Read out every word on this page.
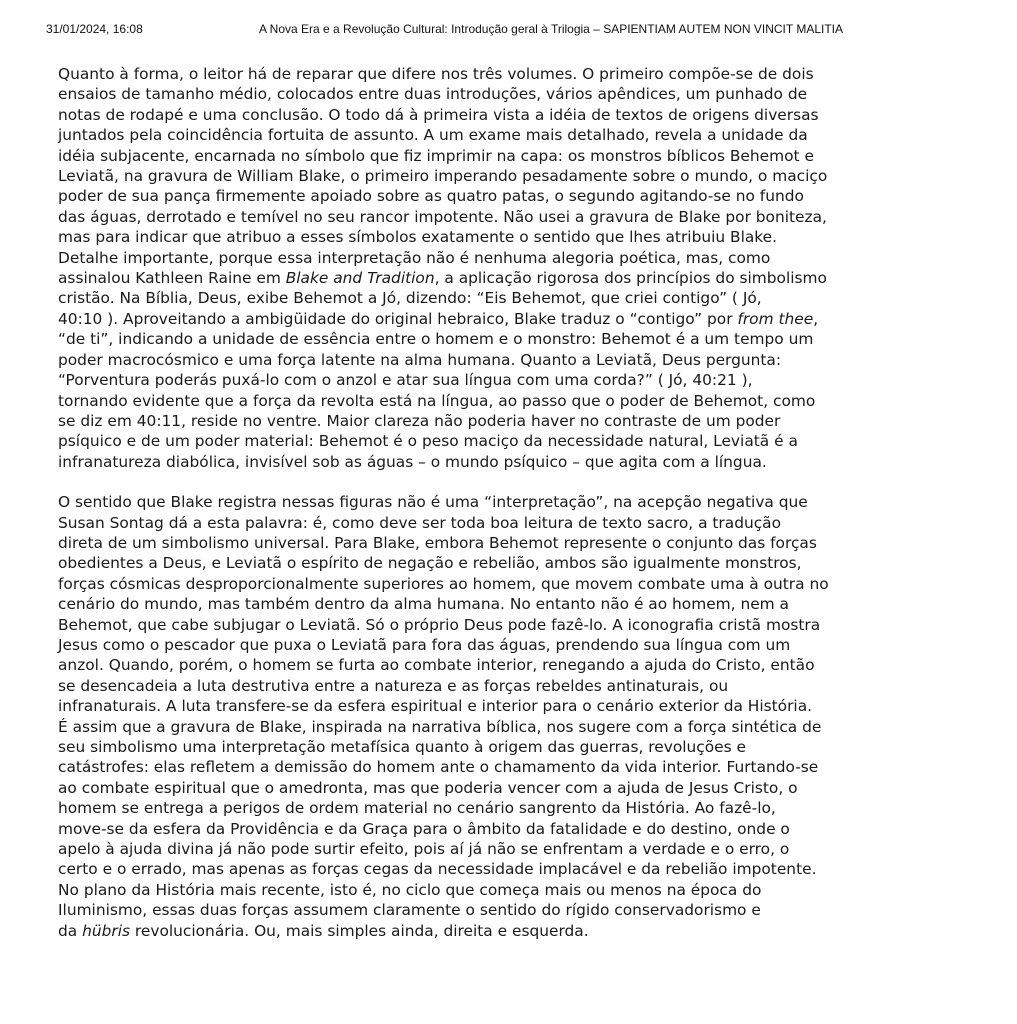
31/01/2024, 16:08	A Nova Era e a Revolução Cultural: Introdução geral à Trilogia – SAPIENTIAM AUTEM NON VINCIT MALITIA
Quanto à forma, o leitor há de reparar que difere nos três volumes. O primeiro compõe-se de dois
ensaios de tamanho médio, colocados entre duas introduções, vários apêndices, um punhado de
notas de rodapé e uma conclusão. O todo dá à primeira vista a idéia de textos de origens diversas
juntados pela coincidência fortuita de assunto. A um exame mais detalhado, revela a unidade da
idéia subjacente, encarnada no símbolo que fiz imprimir na capa: os monstros bíblicos Behemot e
Leviatã, na gravura de William Blake, o primeiro imperando pesadamente sobre o mundo, o maciço
poder de sua pança firmemente apoiado sobre as quatro patas, o segundo agitando-se no fundo
das águas, derrotado e temível no seu rancor impotente. Não usei a gravura de Blake por boniteza,
mas para indicar que atribuo a esses símbolos exatamente o sentido que lhes atribuiu Blake.
Detalhe importante, porque essa interpretação não é nenhuma alegoria poética, mas, como
assinalou Kathleen Raine em Blake and Tradition, a aplicação rigorosa dos princípios do simbolismo
cristão. Na Bíblia, Deus, exibe Behemot a Jó, dizendo: “Eis Behemot, que criei contigo” ( Jó,
40:10 ). Aproveitando a ambigüidade do original hebraico, Blake traduz o “contigo” por from thee,
“de ti”, indicando a unidade de essência entre o homem e o monstro: Behemot é a um tempo um
poder macrocósmico e uma força latente na alma humana. Quanto a Leviatã, Deus pergunta:
“Porventura poderás puxá-lo com o anzol e atar sua língua com uma corda?” ( Jó, 40:21 ),
tornando evidente que a força da revolta está na língua, ao passo que o poder de Behemot, como
se diz em 40:11, reside no ventre. Maior clareza não poderia haver no contraste de um poder
psíquico e de um poder material: Behemot é o peso maciço da necessidade natural, Leviatã é a
infranatureza diabólica, invisível sob as águas – o mundo psíquico – que agita com a língua.
O sentido que Blake registra nessas figuras não é uma “interpretação”, na acepção negativa que
Susan Sontag dá a esta palavra: é, como deve ser toda boa leitura de texto sacro, a tradução
direta de um simbolismo universal. Para Blake, embora Behemot represente o conjunto das forças
obedientes a Deus, e Leviatã o espírito de negação e rebelião, ambos são igualmente monstros,
forças cósmicas desproporcionalmente superiores ao homem, que movem combate uma à outra no
cenário do mundo, mas também dentro da alma humana. No entanto não é ao homem, nem a
Behemot, que cabe subjugar o Leviatã. Só o próprio Deus pode fazê-lo. A iconografia cristã mostra
Jesus como o pescador que puxa o Leviatã para fora das águas, prendendo sua língua com um
anzol. Quando, porém, o homem se furta ao combate interior, renegando a ajuda do Cristo, então
se desencadeia a luta destrutiva entre a natureza e as forças rebeldes antinaturais, ou
infranaturais. A luta transfere-se da esfera espiritual e interior para o cenário exterior da História.
É assim que a gravura de Blake, inspirada na narrativa bíblica, nos sugere com a força sintética de
seu simbolismo uma interpretação metafísica quanto à origem das guerras, revoluções e
catástrofes: elas refletem a demissão do homem ante o chamamento da vida interior. Furtando-se
ao combate espiritual que o amedronta, mas que poderia vencer com a ajuda de Jesus Cristo, o
homem se entrega a perigos de ordem material no cenário sangrento da História. Ao fazê-lo,
move-se da esfera da Providência e da Graça para o âmbito da fatalidade e do destino, onde o
apelo à ajuda divina já não pode surtir efeito, pois aí já não se enfrentam a verdade e o erro, o
certo e o errado, mas apenas as forças cegas da necessidade implacável e da rebelião impotente.
No plano da História mais recente, isto é, no ciclo que começa mais ou menos na época do
Iluminismo, essas duas forças assumem claramente o sentido do rígido conservadorismo e
da hübris revolucionária. Ou, mais simples ainda, direita e esquerda.
